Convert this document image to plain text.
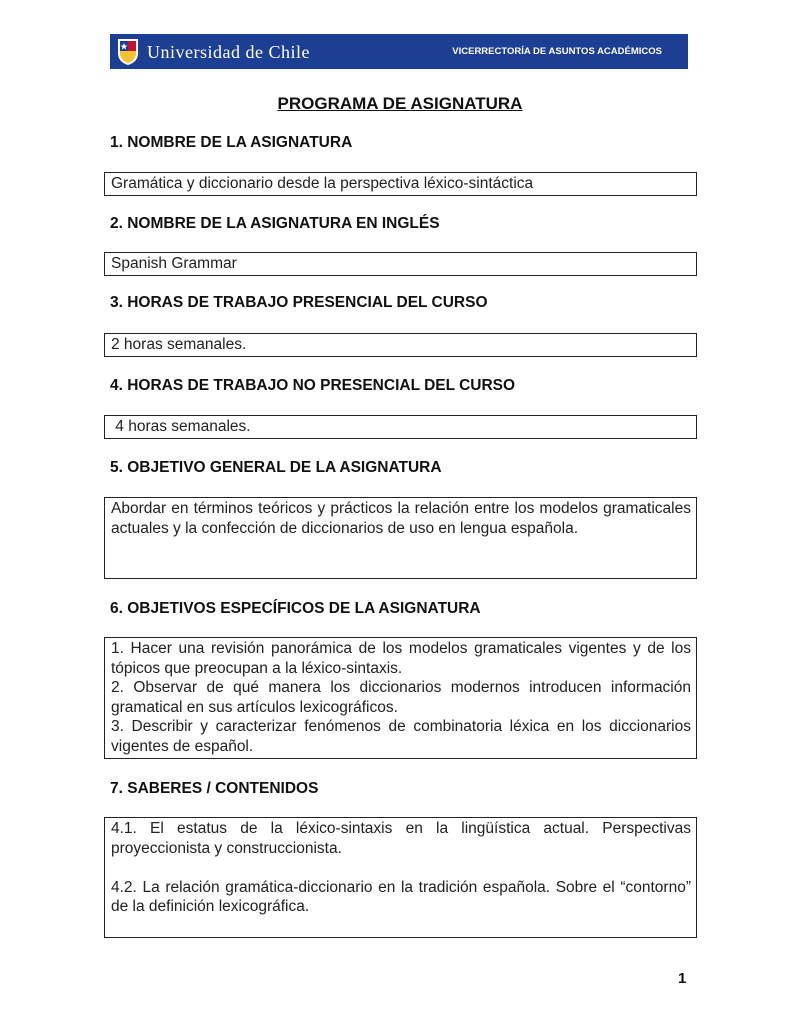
Universidad de Chile	VICERRECTORÍA DE ASUNTOS ACADÉMICOS
PROGRAMA DE ASIGNATURA
1. NOMBRE DE LA ASIGNATURA
Gramática y diccionario desde la perspectiva léxico-sintáctica
2. NOMBRE DE LA ASIGNATURA EN INGLÉS
Spanish Grammar
3. HORAS DE TRABAJO PRESENCIAL DEL CURSO
2 horas semanales.
4. HORAS DE TRABAJO NO PRESENCIAL DEL CURSO
4 horas semanales.
5. OBJETIVO GENERAL DE LA ASIGNATURA
Abordar en términos teóricos y prácticos la relación entre los modelos gramaticales actuales y la confección de diccionarios de uso en lengua española.
6. OBJETIVOS ESPECÍFICOS DE LA ASIGNATURA
1. Hacer una revisión panorámica de los modelos gramaticales vigentes y de los tópicos que preocupan a la léxico-sintaxis.
2. Observar de qué manera los diccionarios modernos introducen información gramatical en sus artículos lexicográficos.
3. Describir y caracterizar fenómenos de combinatoria léxica en los diccionarios vigentes de español.
7. SABERES / CONTENIDOS
4.1. El estatus de la léxico-sintaxis en la lingüística actual. Perspectivas proyeccionista y construccionista.
4.2. La relación gramática-diccionario en la tradición española. Sobre el “contorno” de la definición lexicográfica.
1
